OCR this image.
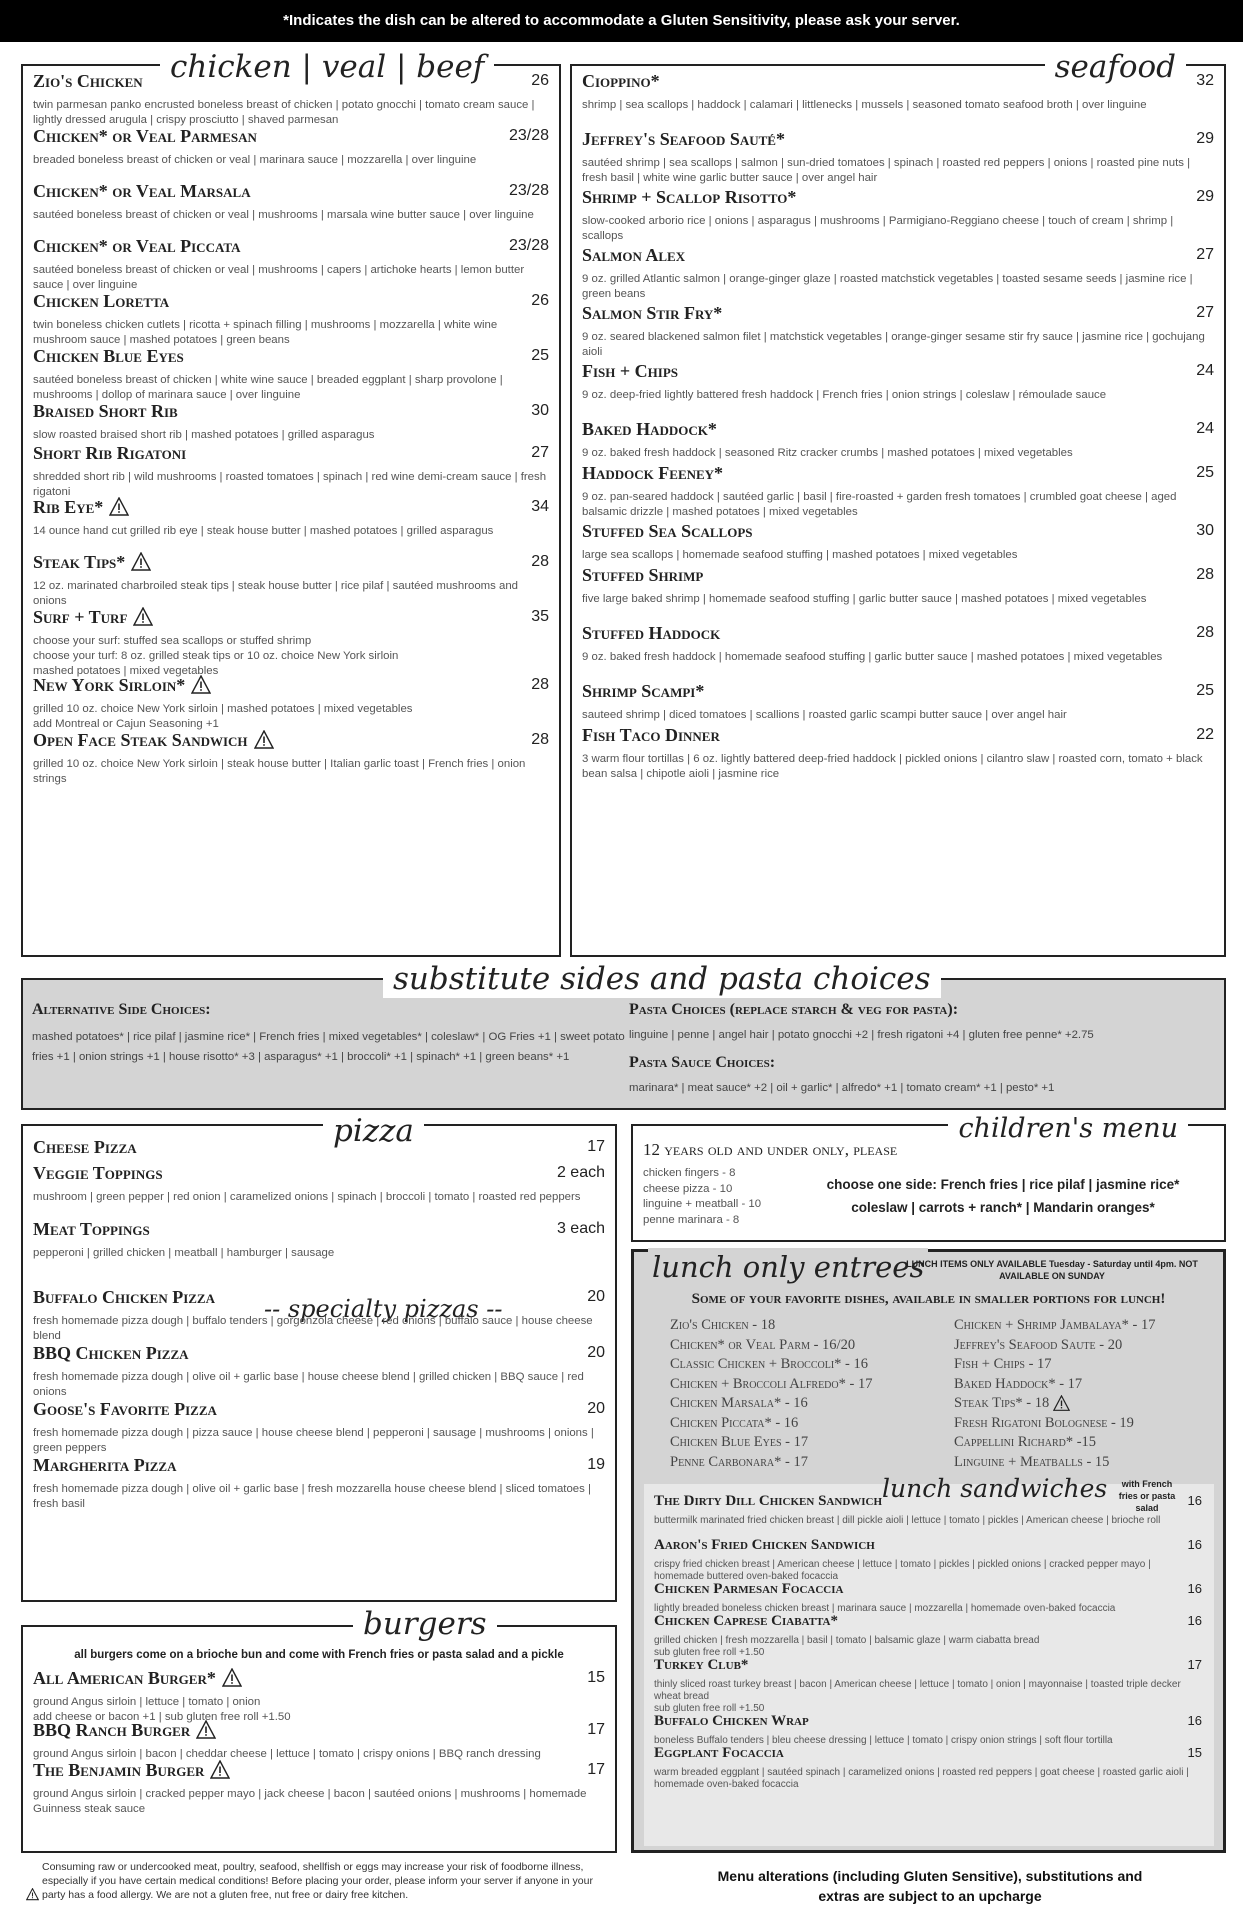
*Indicates the dish can be altered to accommodate a Gluten Sensitivity, please ask your server.
chicken | veal | beef
Zio's Chicken	26
twin parmesan panko encrusted boneless breast of chicken | potato gnocchi | tomato cream sauce | lightly dressed arugula | crispy prosciutto | shaved parmesan
Chicken* or Veal Parmesan	23/28
breaded boneless breast of chicken or veal | marinara sauce | mozzarella | over linguine
Chicken* or Veal Marsala	23/28
sautéed boneless breast of chicken or veal | mushrooms | marsala wine butter sauce | over linguine
Chicken* or Veal Piccata	23/28
sautéed boneless breast of chicken or veal | mushrooms | capers | artichoke hearts | lemon butter sauce | over linguine
Chicken Loretta	26
twin boneless chicken cutlets | ricotta + spinach filling | mushrooms | mozzarella | white wine mushroom sauce | mashed potatoes | green beans
Chicken Blue Eyes	25
sautéed boneless breast of chicken | white wine sauce | breaded eggplant | sharp provolone | mushrooms | dollop of marinara sauce | over linguine
Braised Short Rib	30
slow roasted braised short rib | mashed potatoes | grilled asparagus
Short Rib Rigatoni	27
shredded short rib | wild mushrooms | roasted tomatoes | spinach | red wine demi-cream sauce | fresh rigatoni
Rib Eye*	34
14 ounce hand cut grilled rib eye | steak house butter | mashed potatoes | grilled asparagus
Steak Tips*	28
12 oz. marinated charbroiled steak tips | steak house butter | rice pilaf | sautéed mushrooms and onions
Surf + Turf	35
choose your surf: stuffed sea scallops or stuffed shrimp
choose your turf: 8 oz. grilled steak tips or 10 oz. choice New York sirloin
mashed potatoes | mixed vegetables
New York Sirloin*	28
grilled 10 oz. choice New York sirloin | mashed potatoes | mixed vegetables
add Montreal or Cajun Seasoning +1
Open Face Steak Sandwich	28
grilled 10 oz. choice New York sirloin | steak house butter | Italian garlic toast | French fries | onion strings
seafood
Cioppino*	32
shrimp | sea scallops | haddock | calamari | littlenecks | mussels | seasoned tomato seafood broth | over linguine
Jeffrey's Seafood Sauté*	29
sautéed shrimp | sea scallops | salmon | sun-dried tomatoes | spinach | roasted red peppers | onions | roasted pine nuts | fresh basil | white wine garlic butter sauce | over angel hair
Shrimp + Scallop Risotto*	29
slow-cooked arborio rice | onions | asparagus | mushrooms | Parmigiano-Reggiano cheese | touch of cream | shrimp | scallops
Salmon Alex	27
9 oz. grilled Atlantic salmon | orange-ginger glaze | roasted matchstick vegetables | toasted sesame seeds | jasmine rice | green beans
Salmon Stir Fry*	27
9 oz. seared blackened salmon filet | matchstick vegetables | orange-ginger sesame stir fry sauce | jasmine rice | gochujang aioli
Fish + Chips	24
9 oz. deep-fried lightly battered fresh haddock | French fries | onion strings | coleslaw | rémoulade sauce
Baked Haddock*	24
9 oz. baked fresh haddock | seasoned Ritz cracker crumbs | mashed potatoes | mixed vegetables
Haddock Feeney*	25
9 oz. pan-seared haddock | sautéed garlic | basil | fire-roasted + garden fresh tomatoes | crumbled goat cheese | aged balsamic drizzle | mashed potatoes | mixed vegetables
Stuffed Sea Scallops	30
large sea scallops | homemade seafood stuffing | mashed potatoes | mixed vegetables
Stuffed Shrimp	28
five large baked shrimp | homemade seafood stuffing | garlic butter sauce | mashed potatoes | mixed vegetables
Stuffed Haddock	28
9 oz. baked fresh haddock | homemade seafood stuffing | garlic butter sauce | mashed potatoes | mixed vegetables
Shrimp Scampi*	25
sauteed shrimp | diced tomatoes | scallions | roasted garlic scampi butter sauce | over angel hair
Fish Taco Dinner	22
3 warm flour tortillas | 6 oz. lightly battered deep-fried haddock | pickled onions | cilantro slaw | roasted corn, tomato + black bean salsa | chipotle aioli | jasmine rice
substitute sides and pasta choices
Alternative Side Choices:
mashed potatoes* | rice pilaf | jasmine rice* | French fries | mixed vegetables* | coleslaw* | OG Fries +1 | sweet potato fries +1 | onion strings +1 | house risotto* +3 | asparagus* +1 | broccoli* +1 | spinach* +1 | green beans* +1
Pasta Choices (replace starch & veg for pasta):
linguine | penne | angel hair | potato gnocchi +2 | fresh rigatoni +4 | gluten free penne* +2.75
Pasta Sauce Choices:
marinara* | meat sauce* +2 | oil + garlic* | alfredo* +1 | tomato cream* +1 | pesto* +1
pizza
-- specialty pizzas --
Cheese Pizza	17
Veggie Toppings	2 each
mushroom | green pepper | red onion | caramelized onions | spinach | broccoli | tomato | roasted red peppers
Meat Toppings	3 each
pepperoni | grilled chicken | meatball | hamburger | sausage
Buffalo Chicken Pizza	20
fresh homemade pizza dough | buffalo tenders | gorgonzola cheese | red onions | buffalo sauce | house cheese blend
BBQ Chicken Pizza	20
fresh homemade pizza dough | olive oil + garlic base | house cheese blend | grilled chicken | BBQ sauce | red onions
Goose's Favorite Pizza	20
fresh homemade pizza dough | pizza sauce | house cheese blend | pepperoni | sausage | mushrooms | onions | green peppers
Margherita Pizza	19
fresh homemade pizza dough | olive oil + garlic base | fresh mozzarella house cheese blend | sliced tomatoes | fresh basil
burgers
all burgers come on a brioche bun and come with French fries or pasta salad and a pickle
All American Burger*	15
ground Angus sirloin | lettuce | tomato | onion
add cheese or bacon +1 | sub gluten free roll +1.50
BBQ Ranch Burger	17
ground Angus sirloin | bacon | cheddar cheese | lettuce | tomato | crispy onions | BBQ ranch dressing
The Benjamin Burger	17
ground Angus sirloin | cracked pepper mayo | jack cheese | bacon | sautéed onions | mushrooms | homemade Guinness steak sauce
children's menu
12 years old and under only, please
chicken fingers - 8
cheese pizza - 10
linguine + meatball - 10
penne marinara - 8
choose one side: French fries | rice pilaf | jasmine rice*
coleslaw | carrots + ranch* | Mandarin oranges*
lunch only entrees
LUNCH ITEMS ONLY AVAILABLE Tuesday - Saturday until 4pm. NOT AVAILABLE ON SUNDAY
Some of your favorite dishes, available in smaller portions for lunch!
Zio's Chicken - 18
Chicken* or Veal Parm - 16/20
Classic Chicken + Broccoli* - 16
Chicken + Broccoli Alfredo* - 17
Chicken Marsala* - 16
Chicken Piccata* - 16
Chicken Blue Eyes - 17
Penne Carbonara* - 17
Chicken + Shrimp Jambalaya* - 17
Jeffrey's Seafood Saute - 20
Fish + Chips - 17
Baked Haddock* - 17
Steak Tips* - 18
Fresh Rigatoni Bolognese - 19
Cappellini Richard* -15
Linguine + Meatballs - 15
lunch sandwiches	with French fries or pasta salad
The Dirty Dill Chicken Sandwich	16
buttermilk marinated fried chicken breast | dill pickle aioli | lettuce | tomato | pickles | American cheese | brioche roll
Aaron's Fried Chicken Sandwich	16
crispy fried chicken breast | American cheese | lettuce | tomato | pickles | pickled onions | cracked pepper mayo | homemade buttered oven-baked focaccia
Chicken Parmesan Focaccia	16
lightly breaded boneless chicken breast | marinara sauce | mozzarella | homemade oven-baked focaccia
Chicken Caprese Ciabatta*	16
grilled chicken | fresh mozzarella | basil | tomato | balsamic glaze | warm ciabatta bread
sub gluten free roll +1.50
Turkey Club*	17
thinly sliced roast turkey breast | bacon | American cheese | lettuce | tomato | onion | mayonnaise | toasted triple decker wheat bread
sub gluten free roll +1.50
Buffalo Chicken Wrap	16
boneless Buffalo tenders | bleu cheese dressing | lettuce | tomato | crispy onion strings | soft flour tortilla
Eggplant Focaccia	15
warm breaded eggplant | sautéed spinach | caramelized onions | roasted red peppers | goat cheese | roasted garlic aioli | homemade oven-baked focaccia
Consuming raw or undercooked meat, poultry, seafood, shellfish or eggs may increase your risk of foodborne illness, especially if you have certain medical conditions! Before placing your order, please inform your server if anyone in your party has a food allergy. We are not a gluten free, nut free or dairy free kitchen.
Menu alterations (including Gluten Sensitive), substitutions and extras are subject to an upcharge
